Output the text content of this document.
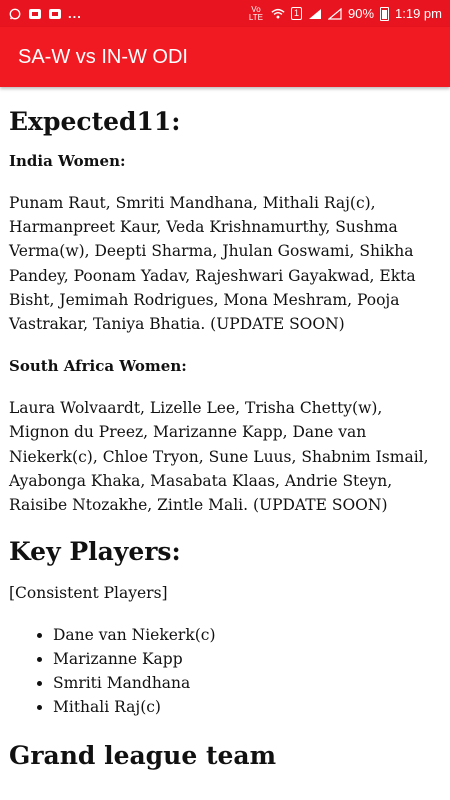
...	Vo LTE	1	90% 1:19 pm
SA-W vs IN-W ODI
Expected11:
India Women:

Punam Raut, Smriti Mandhana, Mithali Raj(c), Harmanpreet Kaur, Veda Krishnamurthy, Sushma Verma(w), Deepti Sharma, Jhulan Goswami, Shikha Pandey, Poonam Yadav, Rajeshwari Gayakwad, Ekta Bisht, Jemimah Rodrigues, Mona Meshram, Pooja Vastrakar, Taniya Bhatia. (UPDATE SOON)

South Africa Women:

Laura Wolvaardt, Lizelle Lee, Trisha Chetty(w), Mignon du Preez, Marizanne Kapp, Dane van Niekerk(c), Chloe Tryon, Sune Luus, Shabnim Ismail, Ayabonga Khaka, Masabata Klaas, Andrie Steyn, Raisibe Ntozakhe, Zintle Mali. (UPDATE SOON)

Key Players:
[Consistent Players]
• Dane van Niekerk(c)
• Marizanne Kapp
• Smriti Mandhana
• Mithali Raj(c)
Grand league team
